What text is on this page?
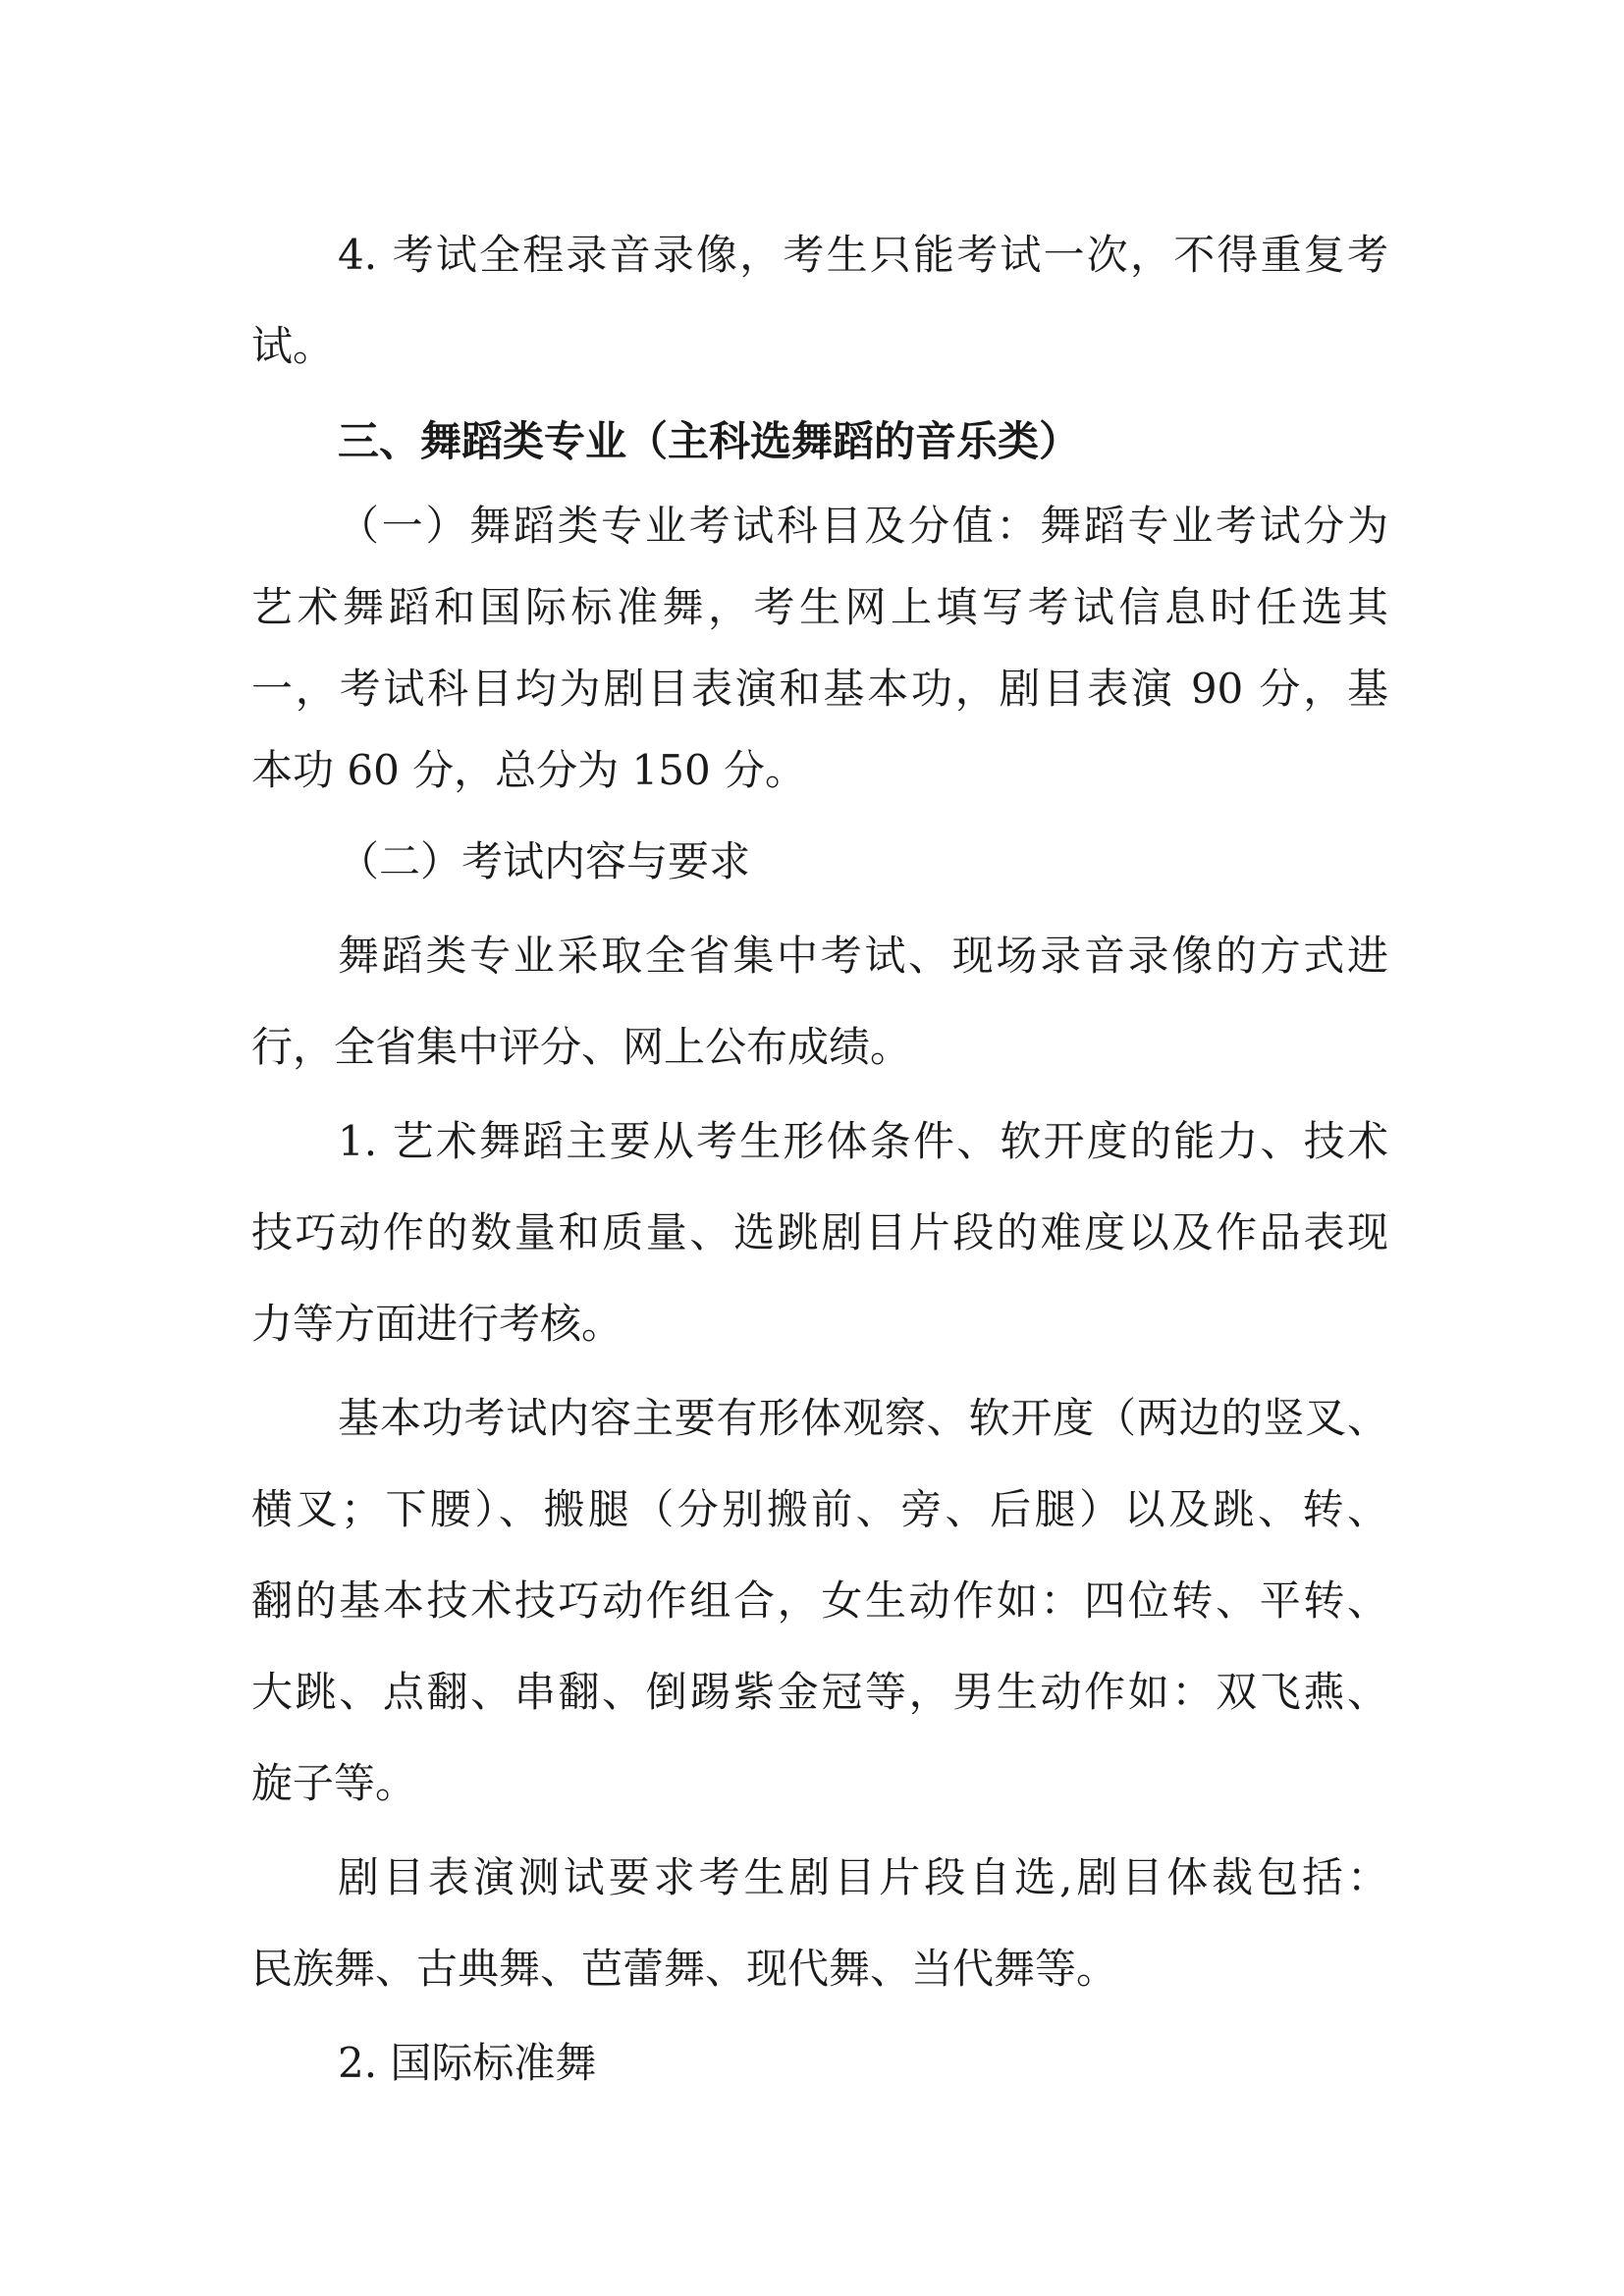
4. 考试全程录音录像，考生只能考试一次，不得重复考

试。

三、舞蹈类专业（主科选舞蹈的音乐类）

（一）舞蹈类专业考试科目及分值：舞蹈专业考试分为

艺术舞蹈和国际标准舞，考生网上填写考试信息时任选其

一，考试科目均为剧目表演和基本功，剧目表演 90 分，基

本功 60 分，总分为 150 分。

（二）考试内容与要求

舞蹈类专业采取全省集中考试、现场录音录像的方式进

行，全省集中评分、网上公布成绩。

1. 艺术舞蹈主要从考生形体条件、软开度的能力、技术

技巧动作的数量和质量、选跳剧目片段的难度以及作品表现

力等方面进行考核。

基本功考试内容主要有形体观察、软开度（两边的竖叉、

横叉；下腰）、搬腿（分别搬前、旁、后腿）以及跳、转、

翻的基本技术技巧动作组合，女生动作如：四位转、平转、

大跳、点翻、串翻、倒踢紫金冠等，男生动作如：双飞燕、

旋子等。

剧目表演测试要求考生剧目片段自选,剧目体裁包括：

民族舞、古典舞、芭蕾舞、现代舞、当代舞等。

2. 国际标准舞
